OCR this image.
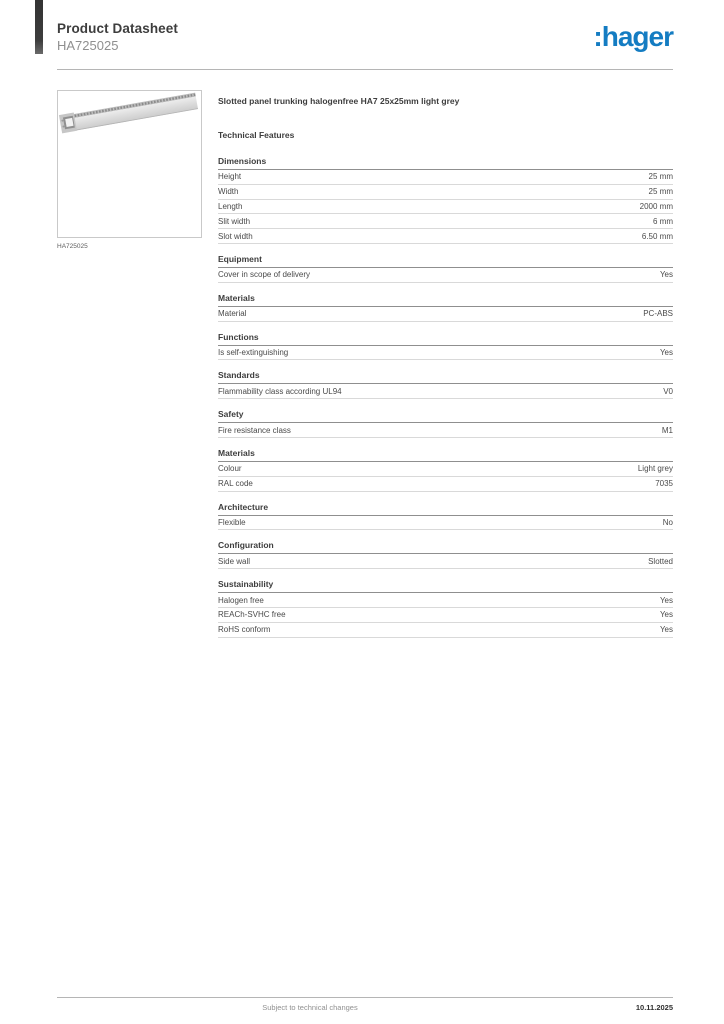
Product Datasheet
HA725025	:hager
HA725025
Slotted panel trunking halogenfree HA7 25x25mm light grey
Technical Features
Dimensions
Height	25 mm
Width	25 mm
Length	2000 mm
Slit width	6 mm
Slot width	6.50 mm
Equipment
Cover in scope of delivery	Yes
Materials
Material	PC-ABS
Functions
Is self-extinguishing	Yes
Standards
Flammability class according UL94	V0
Safety
Fire resistance class	M1
Materials
Colour	Light grey
RAL code	7035
Architecture
Flexible	No
Configuration
Side wall	Slotted
Sustainability
Halogen free	Yes
REACh-SVHC free	Yes
RoHS conform	Yes
Subject to technical changes	10.11.2025
